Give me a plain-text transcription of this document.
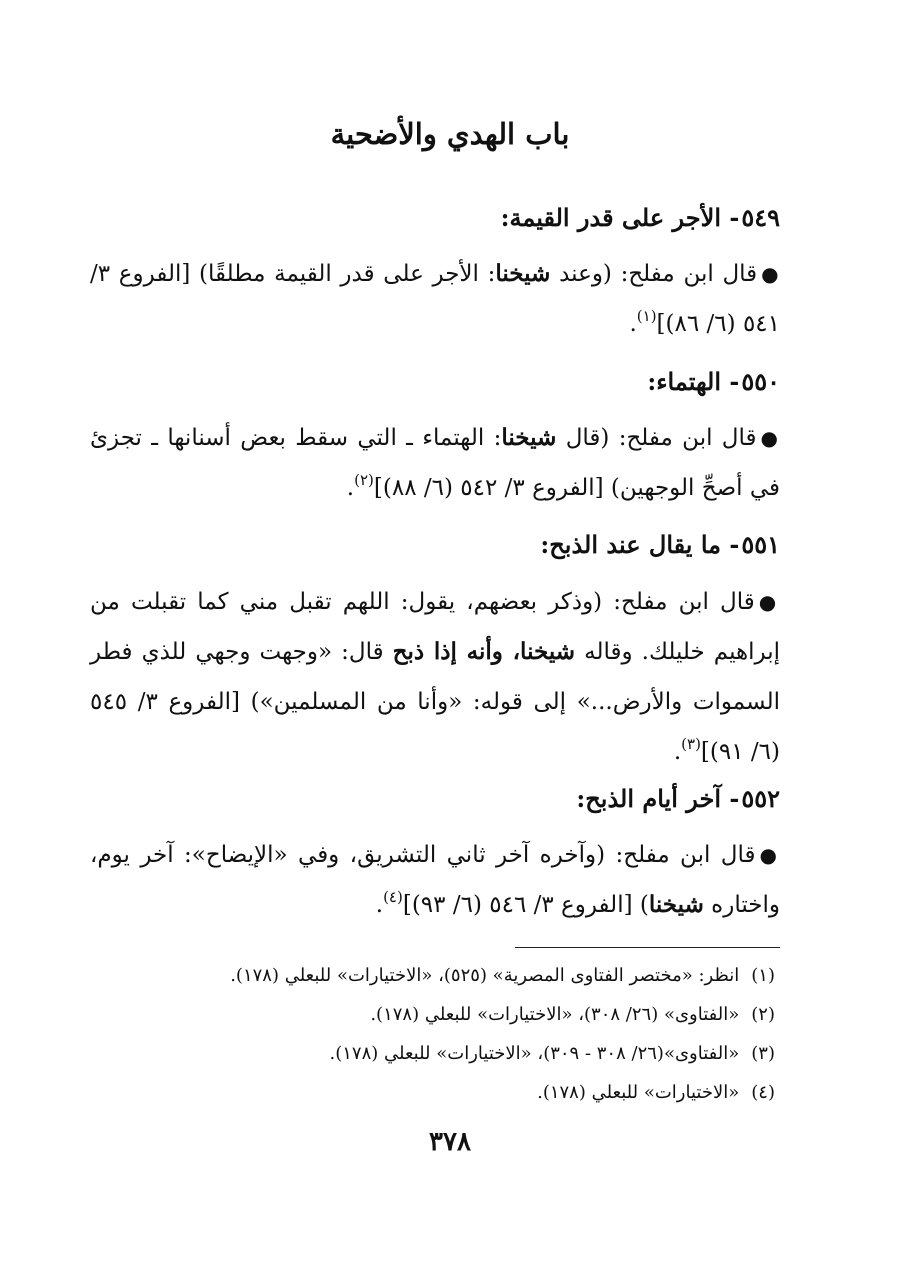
باب الهدي والأضحية
٥٤٩- الأجر على قدر القيمة:

●قال ابن مفلح: (وعند شيخنا: الأجر على قدر القيمة مطلقًا) [الفروع ٣/ ٥٤١ (٦/ ٨٦)]$^{(١)}$.

٥٥٠- الهتماء:

●قال ابن مفلح: (قال شيخنا: الهتماء ـ التي سقط بعض أسنانها ـ تجزئ في أصحِّ الوجهين) [الفروع ٣/ ٥٤٢ (٦/ ٨٨)]$^{(٢)}$.

٥٥١- ما يقال عند الذبح:

●قال ابن مفلح: (وذكر بعضهم، يقول: اللهم تقبل مني كما تقبلت من إبراهيم خليلك. وقاله شيخنا، وأنه إذا ذبح قال: «وجهت وجهي للذي فطر السموات والأرض...» إلى قوله: «وأنا من المسلمين») [الفروع ٣/ ٥٤٥ (٦/ ٩١)]$^{(٣)}$.

٥٥٢- آخر أيام الذبح:

●قال ابن مفلح: (وآخره آخر ثاني التشريق، وفي «الإيضاح»: آخر يوم، واختاره شيخنا) [الفروع ٣/ ٥٤٦ (٦/ ٩٣)]$^{(٤)}$.

(١)انظر: «مختصر الفتاوى المصرية» (٥٢٥)، «الاختيارات» للبعلي (١٧٨).
(٢)«الفتاوى» (٢٦/ ٣٠٨)، «الاختيارات» للبعلي (١٧٨).
(٣)«الفتاوى»(٢٦/ ٣٠٨ - ٣٠٩)، «الاختيارات» للبعلي (١٧٨).
(٤)«الاختيارات» للبعلي (١٧٨).
٣٧٨
